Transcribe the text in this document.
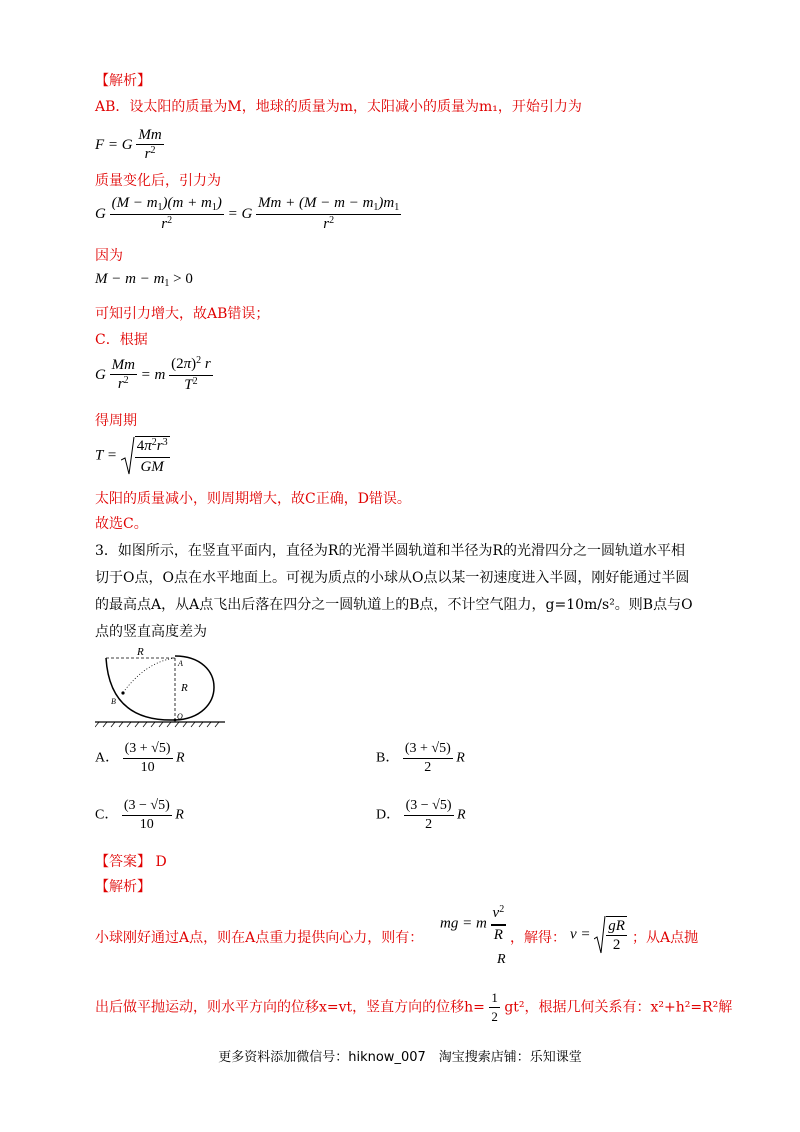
【解析】
AB．设太阳的质量为M，地球的质量为m，太阳减小的质量为m₁，开始引力为
F = G $\frac{Mm}{r^2}$
质量变化后，引力为
G $\frac{(M - m_1)(m + m_1)}{r^2} = G \frac{Mm + (M - m - m_1)m_1}{r^2}$
因为
$M - m - m_1 > 0$
可知引力增大，故AB错误；
C．根据
G $\frac{Mm}{r^2} = m \frac{(2\pi)^2 r}{T^2}$
得周期
$T = \frac{4\pi^2r^3}{GM}$
太阳的质量减小，则周期增大，故C正确，D错误。
故选C。
3．如图所示，在竖直平面内，直径为R的光滑半圆轨道和半径为R的光滑四分之一圆轨道水平相
切于O点，O点在水平地面上。可视为质点的小球从O点以某一初速度进入半圆，刚好能通过半圆
的最高点A，从A点飞出后落在四分之一圆轨道上的B点，不计空气阻力，g=10m/s²。则B点与O
点的竖直高度差为
R
A
R
B
O
A． $\frac{(3 + √5)}{10}$ R	B． $\frac{(3 + √5)}{2}$ R
C． $\frac{(3 - √5)}{10}$ R	D． $\frac{(3 - √5)}{2}$ R
【答案】 D
【解析】
小球刚好通过A点，则在A点重力提供向心力，则有：
mg = m $\frac{v^2}{R}$
R
，解得： $v = \frac{gR}{2}$ ；从A点抛
出后做平抛运动，则水平方向的位移x=vt，竖直方向的位移$h= \frac{1}{2} gt^2$，根据几何关系有：x²+h²=R²解
更多资料添加微信号：hiknow_007　淘宝搜索店铺：乐知课堂
